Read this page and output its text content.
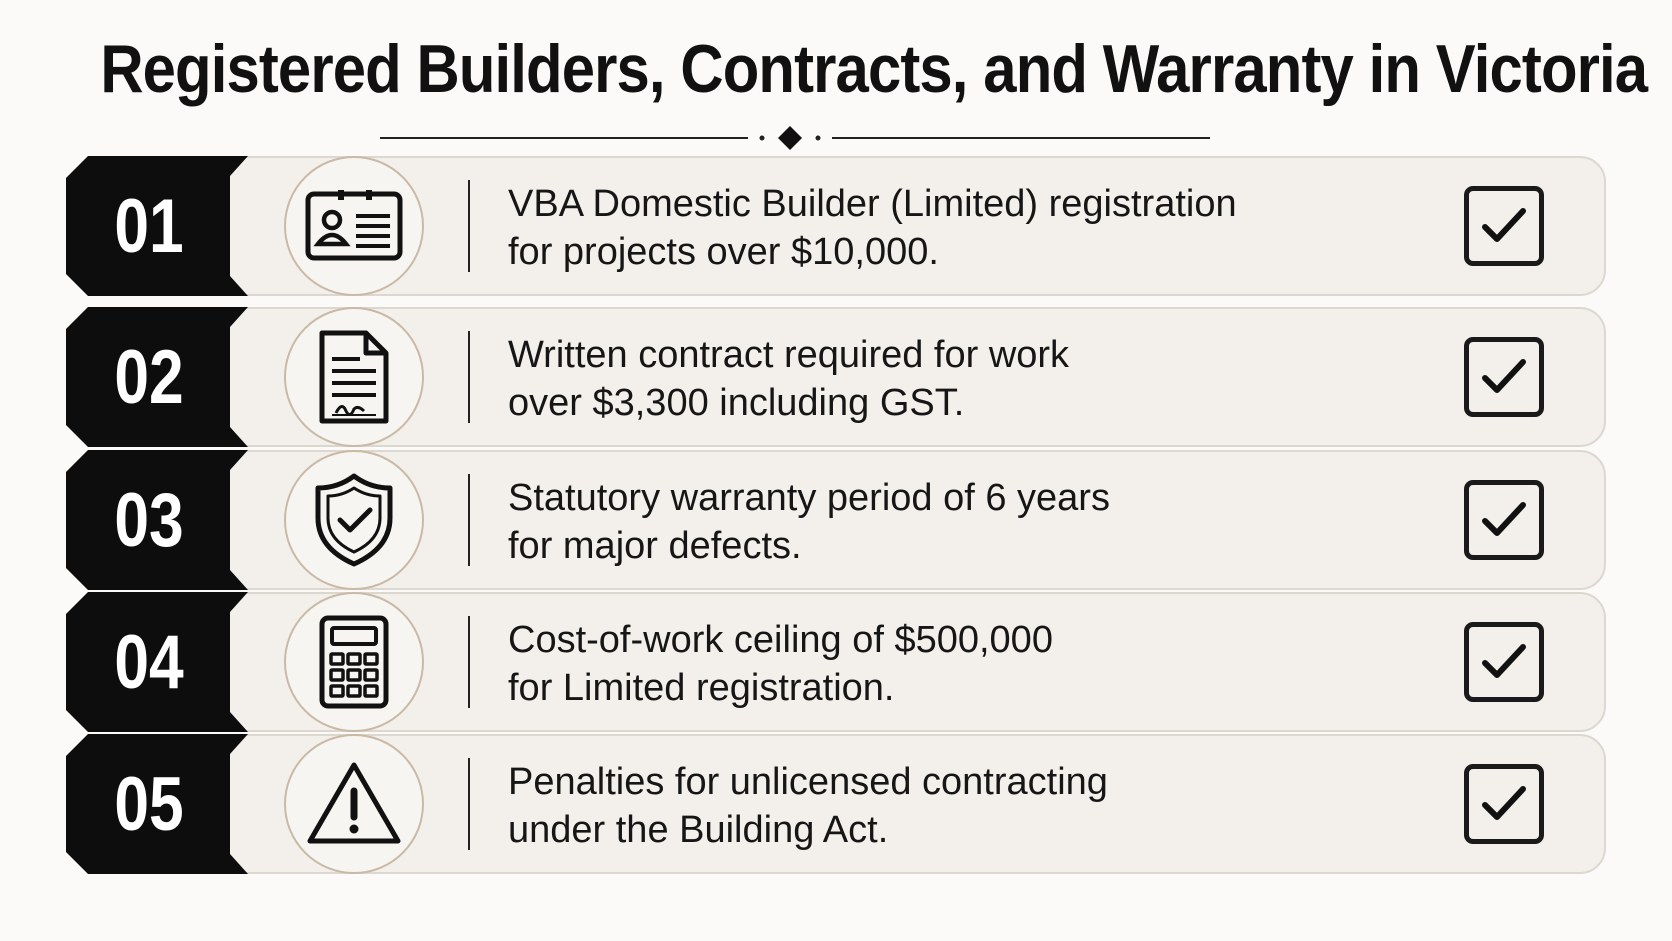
Registered Builders, Contracts, and Warranty in Victoria
01	VBA Domestic Builder (Limited) registration
for projects over $10,000.
02	Written contract required for work
over $3,300 including GST.
03	Statutory warranty period of 6 years
for major defects.
04	Cost-of-work ceiling of $500,000
for Limited registration.
05	Penalties for unlicensed contracting
under the Building Act.
